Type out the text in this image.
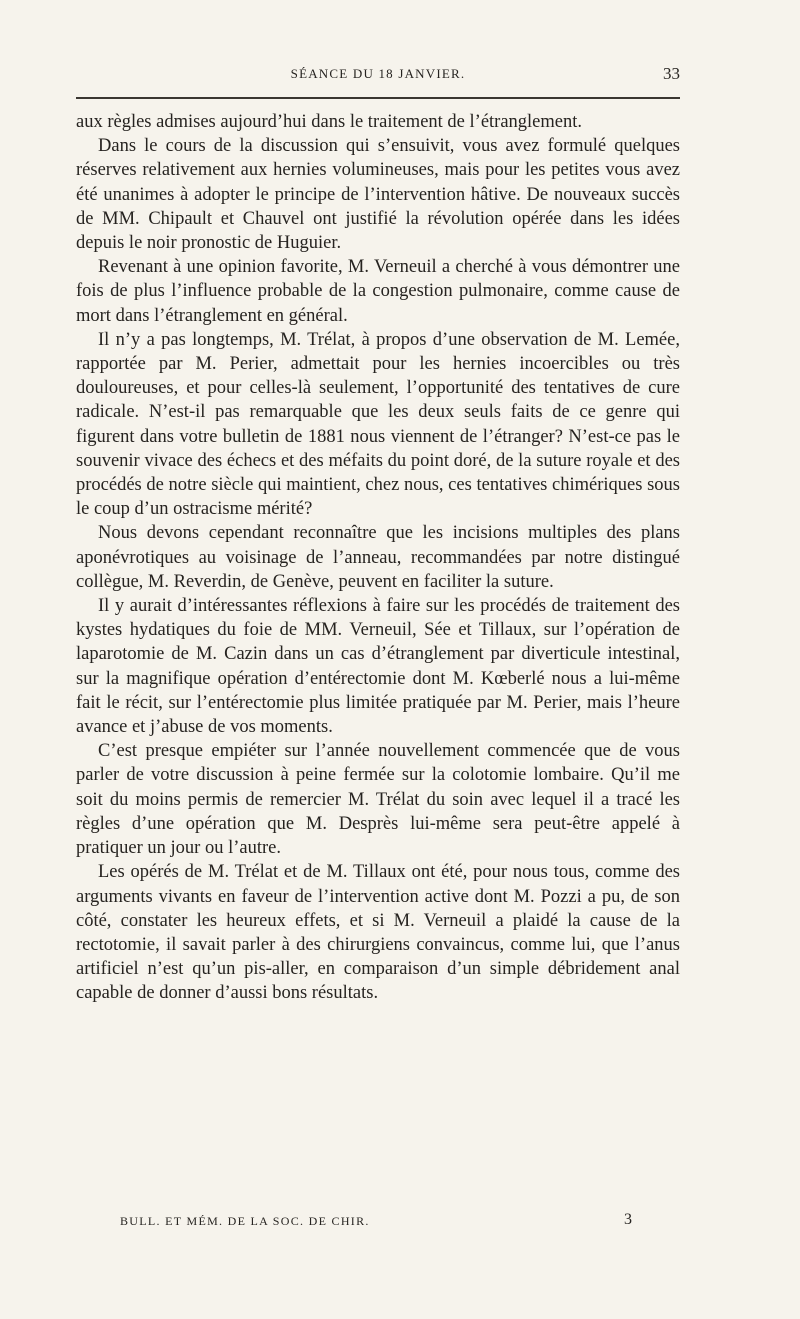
SÉANCE DU 18 JANVIER.	33

aux règles admises aujourd’hui dans le traitement de l’étranglement.

Dans le cours de la discussion qui s’ensuivit, vous avez formulé quelques réserves relativement aux hernies volumineuses, mais pour les petites vous avez été unanimes à adopter le principe de l’intervention hâtive. De nouveaux succès de MM. Chipault et Chauvel ont justifié la révolution opérée dans les idées depuis le noir pronostic de Huguier.

Revenant à une opinion favorite, M. Verneuil a cherché à vous démontrer une fois de plus l’influence probable de la congestion pulmonaire, comme cause de mort dans l’étranglement en général.

Il n’y a pas longtemps, M. Trélat, à propos d’une observation de M. Lemée, rapportée par M. Perier, admettait pour les hernies incoercibles ou très douloureuses, et pour celles-là seulement, l’opportunité des tentatives de cure radicale. N’est-il pas remarquable que les deux seuls faits de ce genre qui figurent dans votre bulletin de 1881 nous viennent de l’étranger? N’est-ce pas le souvenir vivace des échecs et des méfaits du point doré, de la suture royale et des procédés de notre siècle qui maintient, chez nous, ces tentatives chimériques sous le coup d’un ostracisme mérité?

Nous devons cependant reconnaître que les incisions multiples des plans aponévrotiques au voisinage de l’anneau, recommandées par notre distingué collègue, M. Reverdin, de Genève, peuvent en faciliter la suture.

Il y aurait d’intéressantes réflexions à faire sur les procédés de traitement des kystes hydatiques du foie de MM. Verneuil, Sée et Tillaux, sur l’opération de laparotomie de M. Cazin dans un cas d’étranglement par diverticule intestinal, sur la magnifique opération d’entérectomie dont M. Kœberlé nous a lui-même fait le récit, sur l’entérectomie plus limitée pratiquée par M. Perier, mais l’heure avance et j’abuse de vos moments.

C’est presque empiéter sur l’année nouvellement commencée que de vous parler de votre discussion à peine fermée sur la colotomie lombaire. Qu’il me soit du moins permis de remercier M. Trélat du soin avec lequel il a tracé les règles d’une opération que M. Desprès lui-même sera peut-être appelé à pratiquer un jour ou l’autre.

Les opérés de M. Trélat et de M. Tillaux ont été, pour nous tous, comme des arguments vivants en faveur de l’intervention active dont M. Pozzi a pu, de son côté, constater les heureux effets, et si M. Verneuil a plaidé la cause de la rectotomie, il savait parler à des chirurgiens convaincus, comme lui, que l’anus artificiel n’est qu’un pis-aller, en comparaison d’un simple débridement anal capable de donner d’aussi bons résultats.

BULL. ET MÉM. DE LA SOC. DE CHIR.	3
